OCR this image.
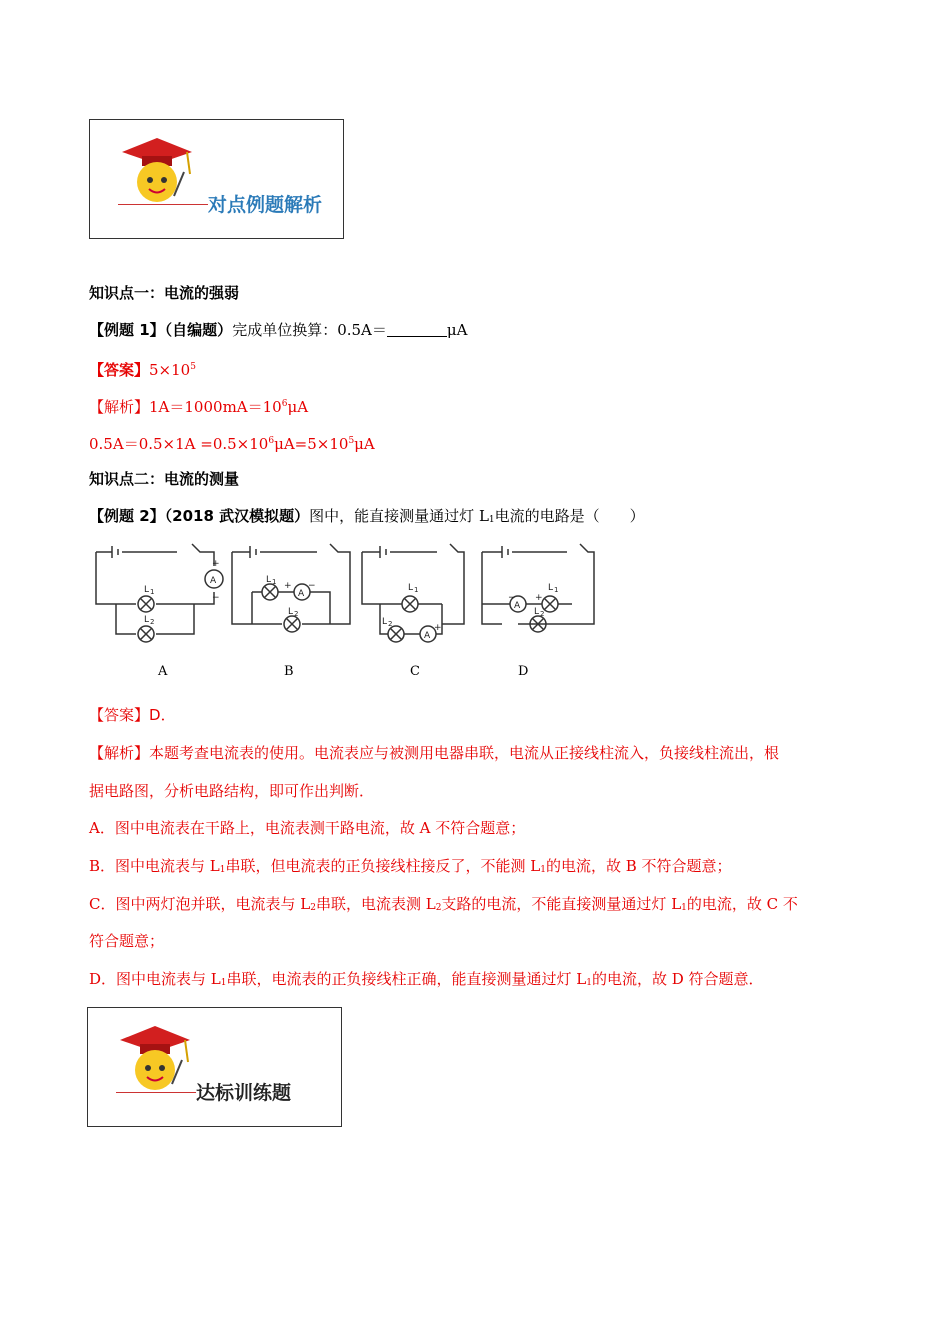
对点例题解析
知识点一：电流的强弱
【例题 1】（自编题）完成单位换算：0.5A＝	μA
【答案】$5\times 10^5$
【解析】$1A=1000mA=10^6\mu A$
$0.5A=0.5\times 1A =0.5\times 10^6\mu A=5\times 10^5\mu A$
知识点二：电流的测量
【例题 2】（2018 武汉模拟题）图中，能直接测量通过灯 $L_1$电流的电路是（　　）
A
A
A
A
+
−
+ −
+
+
−
L 1
L 2
L 1
L 2
L 1
L 2
L 1
L 2
A	B	C	D
【答案】D．
【解析】本题考查电流表的使用。电流表应与被测用电器串联，电流从正接线柱流入，负接线柱流出，根
据电路图，分析电路结构，即可作出判断．
A．图中电流表在干路上，电流表测干路电流，故 A 不符合题意；
B．图中电流表与 $L_1$串联，但电流表的正负接线柱接反了，不能测 $L_1$的电流，故 B 不符合题意；
C．图中两灯泡并联，电流表与 $L_2$串联，电流表测 $L_2$支路的电流，不能直接测量通过灯 $L_1$的电流，故 C 不
符合题意；
D．图中电流表与 $L_1$串联，电流表的正负接线柱正确，能直接测量通过灯 $L_1$的电流，故 D 符合题意．
达标训练题
